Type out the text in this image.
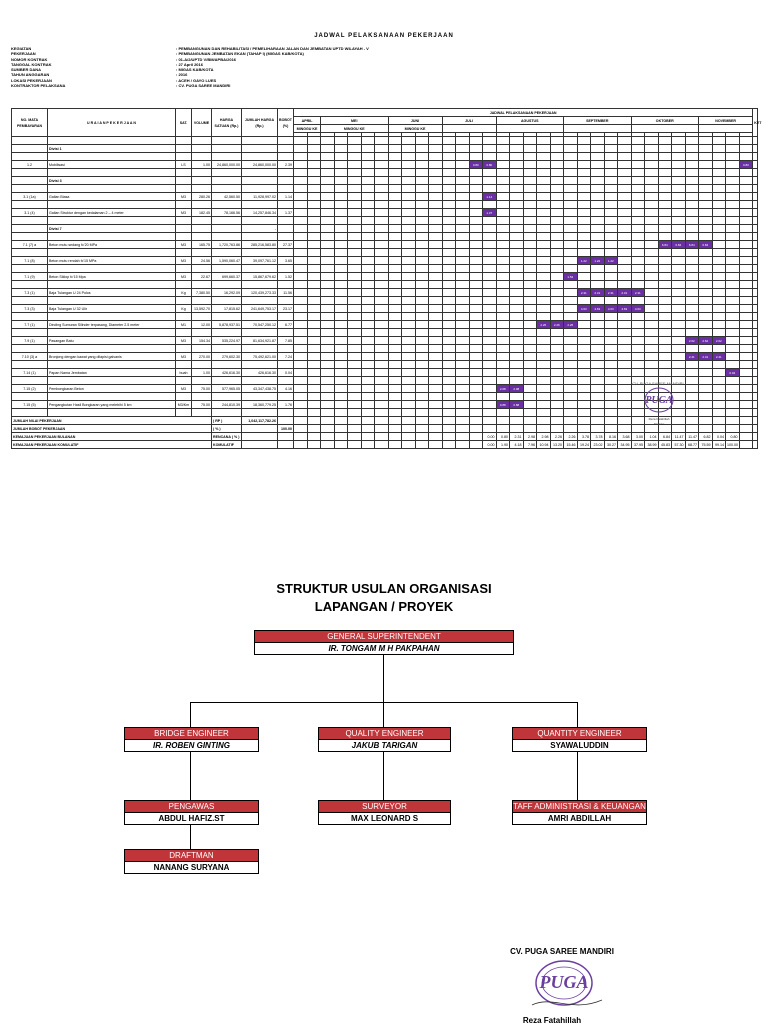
JADWAL PELAKSANAAN PEKERJAAN
KEGIATAN	: PEMBANGUNAN DAN REHABILITASI / PEMELIHARAAN JALAN DAN JEMBATAN UPTD WILAYAH - V
PEKERJAAN	: PEMBANGUNAN JEMBATAN EKAN (TAHAP I) (MIGAS KAB/KOTA)
NOMOR KONTRAK	: 01-A/2/UPTD V/BM/APBA/2016
TANGGAL KONTRAK	: 27 April 2016
SUMBER DANA	: MIGAS KAB/KOTA
TAHUN ANGGARAN	: 2016
LOKASI PEKERJAAN	: ACEH / GAYO LUES
KONTRAKTOR PELAKSANA	: CV. PUGA SAREE MANDIRI
NO. MATA PEMBAYARAN	U R A I A N P E K E R J A A N	SAT.	VOLUME	HARGA SATUAN (Rp.)	JUMLAH HARGA (Rp.)	BOBOT (%)	JADWAL PELAKSANAAN PEKERJAAN																																		KET
							APRIL		MEI					JUNI				JULI				AGUSTUS					SEPTEMBER					OKTOBER					NOVEMBER				
							MINGGU KE		MINGGU KE					MINGGU KE																											

	Divisi 1																																								

1.2	Mobilisasi	LS	1.00	24,860,000.00	24,860,000.00	2.39														0.80	0.80																			0.80	

	Divisi 3																																								

3.1 (1a)	Galian Biasa	M3	280.26	42,560.50	11,928,997.02	1.14															1.14																				

3.1 (4)	Galian Struktur dengan kedalaman 2 – 4 meter	M3	182.45	78,166.56	14,257,846.34	1.37															1.37																				

	Divisi 7				-																																				

7.1 (7) a	Beton mutu sedang fc'20 MPa	M3	165.75	1,720,763.86	285,216,583.80	27.37																												6.84	6.84	6.84	6.84				

7.1 (8)	Beton mutu rendah fc'15 MPa	M3	24.56	1,590,060.47	39,097,761.12	3.65																						1.22	1.22	1.22											

7.1 (9)	Beton Siklop fc'15 Mpa	M3	22.67	699,660.37	15,867,679.62	1.52																					1.52														

7.3 (1)	Baja Tulangan U 24 Polos	Kg	7,380.50	16,292.09	120,439,273.33	11.56																						2.31	2.31	2.31	2.31	2.31									

7.3 (3)	Baja Tulangan U 32 Ulir	Kg	13,592.70	17,815.62	241,649,753.17	23.17																						4.63	4.63	4.63	4.63	4.63									

7.7 (1)	Dinding Sumuran Silinder terpasang, Diameter 2.5 meter	M1	12.00	5,878,937.51	70,547,250.12	6.77																			2.26	2.26	2.26														

7.9 (1)	Pasangan Batu	M3	154.34	535,224.97	81,634,921.87	7.85																														2.62	2.62	2.62			

7.10 (3) a	Bronjong dengan kawat yang dilapisi galvanis	M3	270.00	279,602.30	75,492,621.00	7.24																														2.41	2.41	2.41			

7.14 (1)	Papan Nama Jembatan	buah	1.00	426,616.30	426,616.30	0.04																																	0.04		

7.15 (2)	Pembongkaran Beton	M3	75.00	577,965.05	43,347,438.75	4.16																2.08	2.08																		

7.15 (5)	Pengangkutan Hasil Bongkaran yang melebihi 5 km	M3/Km	75.00	244,810.39	18,360,779.25	1.76																0.88	0.88																		

JUMLAH NILAI PEKERJAAN				( RP )	1,042,117,782.26																																				
JUMLAH BOBOT PEKERJAAN				( % )		100.00																																			
KEMAJUAN PEKERJAAN BULANAN				RENCANA ( % )																	0.00	0.80	2.31	2.98	2.98	2.26	2.26	3.78	3.78	8.16	3.68	3.00	1.04	6.84	11.47	11.47	6.82	0.04	0.80		
KEMAJUAN PEKERJAAN KOMULATIF				KOMULATIF																	0.00	1.90	4.18	7.96	10.94	13.20	15.46	19.24	23.02	30.27	34.95	37.95	38.99	45.83	57.30	68.77	75.59	99.14	100.00		
CV. PUGA SAREE MANDIRI
PUGA
Reza Fatahillah
Direktur
STRUKTUR USULAN ORGANISASI
LAPANGAN / PROYEK
GENERAL SUPERINTENDENT
IR. TONGAM M H PAKPAHAN
BRIDGE ENGINEER
IR. ROBEN GINTING
QUALITY ENGINEER
JAKUB TARIGAN
QUANTITY ENGINEER
SYAWALUDDIN
PENGAWAS
ABDUL HAFIZ.ST
SURVEYOR
MAX LEONARD S
TAFF ADMINISTRASI & KEUANGAN
AMRI ABDILLAH
DRAFTMAN
NANANG SURYANA
CV. PUGA SAREE MANDIRI
PUGA
Reza Fatahillah
